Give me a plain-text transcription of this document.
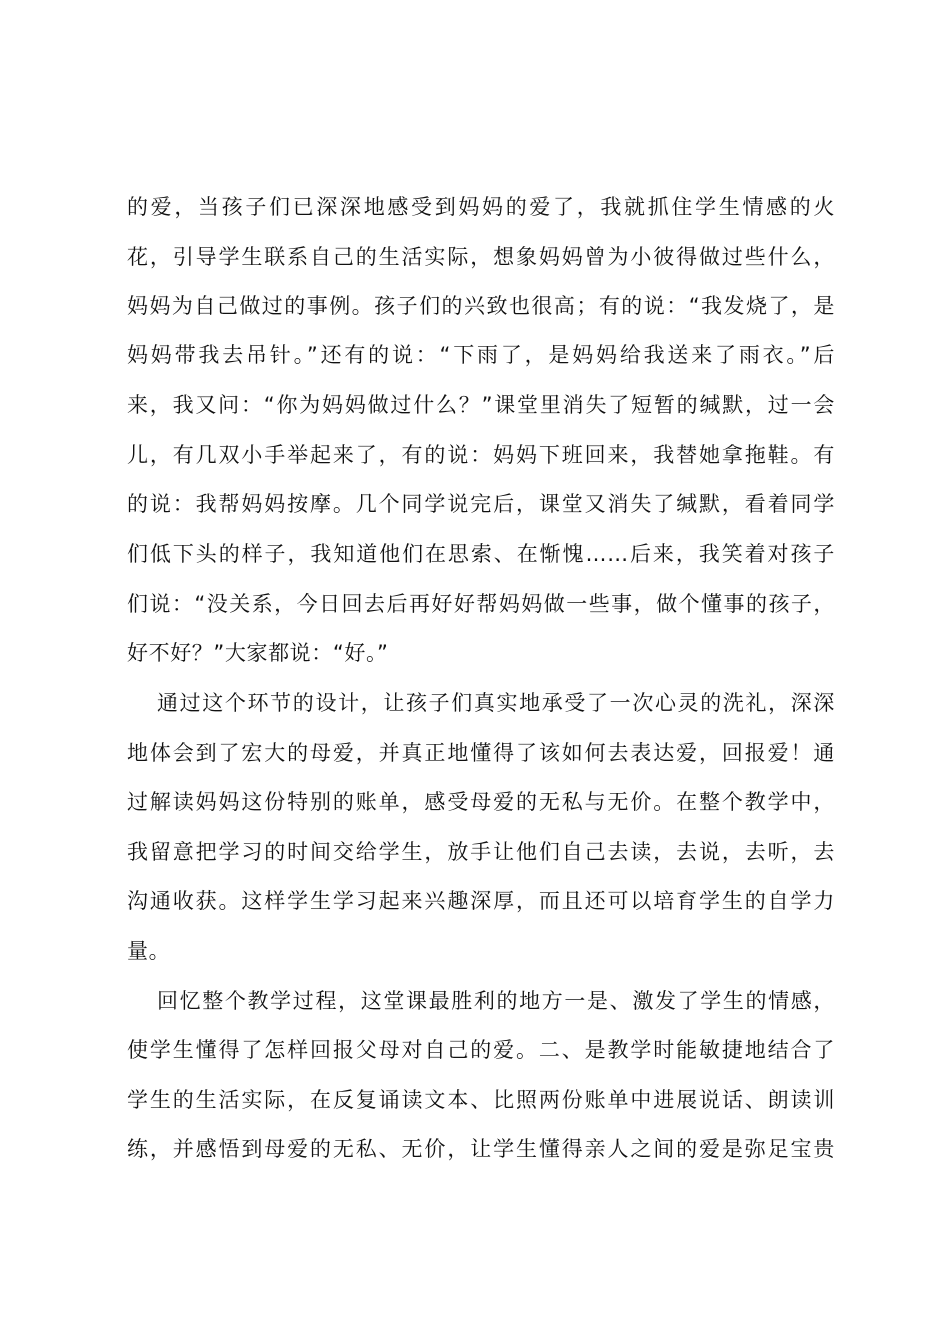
的爱，当孩子们已深深地感受到妈妈的爱了，我就抓住学生情感的火
花，引导学生联系自己的生活实际，想象妈妈曾为小彼得做过些什么，
妈妈为自己做过的事例。孩子们的兴致也很高；有的说：“我发烧了，是
妈妈带我去吊针。”还有的说：“下雨了，是妈妈给我送来了雨衣。”后
来，我又问：“你为妈妈做过什么？”课堂里消失了短暂的缄默，过一会
儿，有几双小手举起来了，有的说：妈妈下班回来，我替她拿拖鞋。有
的说：我帮妈妈按摩。几个同学说完后，课堂又消失了缄默，看着同学
们低下头的样子，我知道他们在思索、在惭愧……后来，我笑着对孩子
们说：“没关系，今日回去后再好好帮妈妈做一些事，做个懂事的孩子，
好不好？”大家都说：“好。”
通过这个环节的设计，让孩子们真实地承受了一次心灵的洗礼，深深
地体会到了宏大的母爱，并真正地懂得了该如何去表达爱，回报爱！通
过解读妈妈这份特别的账单，感受母爱的无私与无价。在整个教学中，
我留意把学习的时间交给学生，放手让他们自己去读，去说，去听，去
沟通收获。这样学生学习起来兴趣深厚，而且还可以培育学生的自学力
量。
回忆整个教学过程，这堂课最胜利的地方一是、激发了学生的情感，
使学生懂得了怎样回报父母对自己的爱。二、是教学时能敏捷地结合了
学生的生活实际，在反复诵读文本、比照两份账单中进展说话、朗读训
练，并感悟到母爱的无私、无价，让学生懂得亲人之间的爱是弥足宝贵
